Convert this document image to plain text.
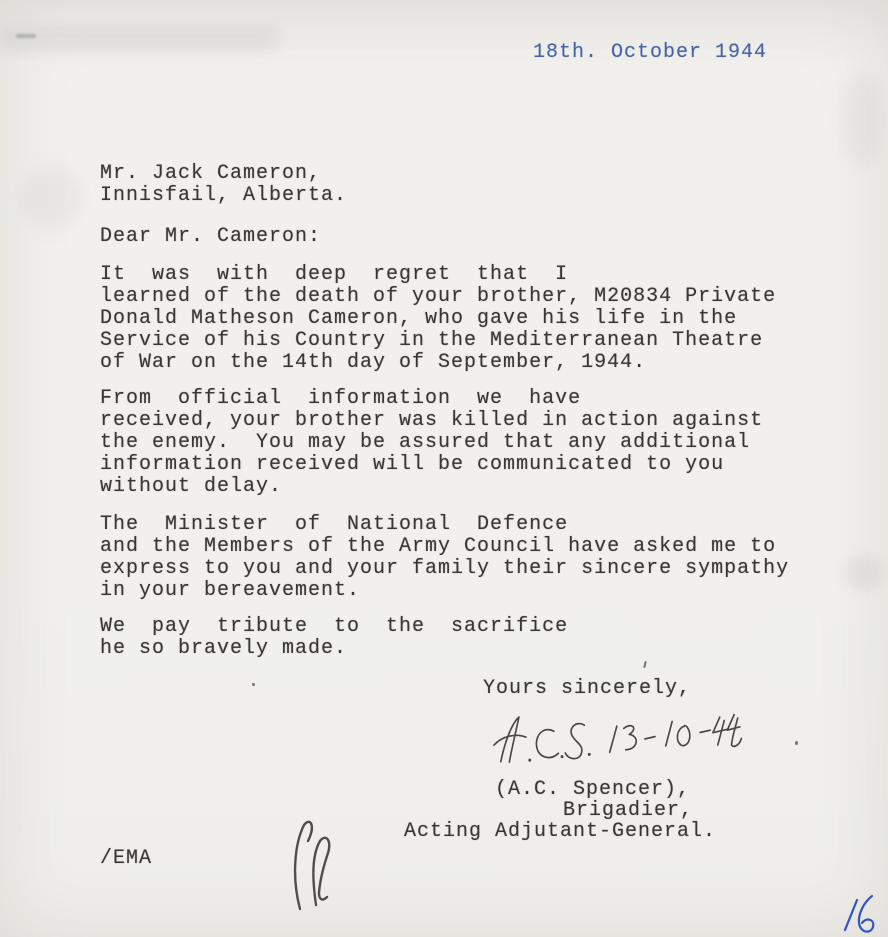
18th. October 1944
Mr. Jack Cameron,
Innisfail, Alberta.
Dear Mr. Cameron:
It  was  with  deep  regret  that  I
learned of the death of your brother, M20834 Private
Donald Matheson Cameron, who gave his life in the
Service of his Country in the Mediterranean Theatre
of War on the 14th day of September, 1944.
From  official  information  we  have
received, your brother was killed in action against
the enemy.  You may be assured that any additional
information received will be communicated to you
without delay.
The  Minister  of  National  Defence
and the Members of the Army Council have asked me to
express to you and your family their sincere sympathy
in your bereavement.
We  pay  tribute  to  the  sacrifice
he so bravely made.
Yours sincerely,
(A.C. Spencer),
Brigadier,
Acting Adjutant-General.
/EMA
